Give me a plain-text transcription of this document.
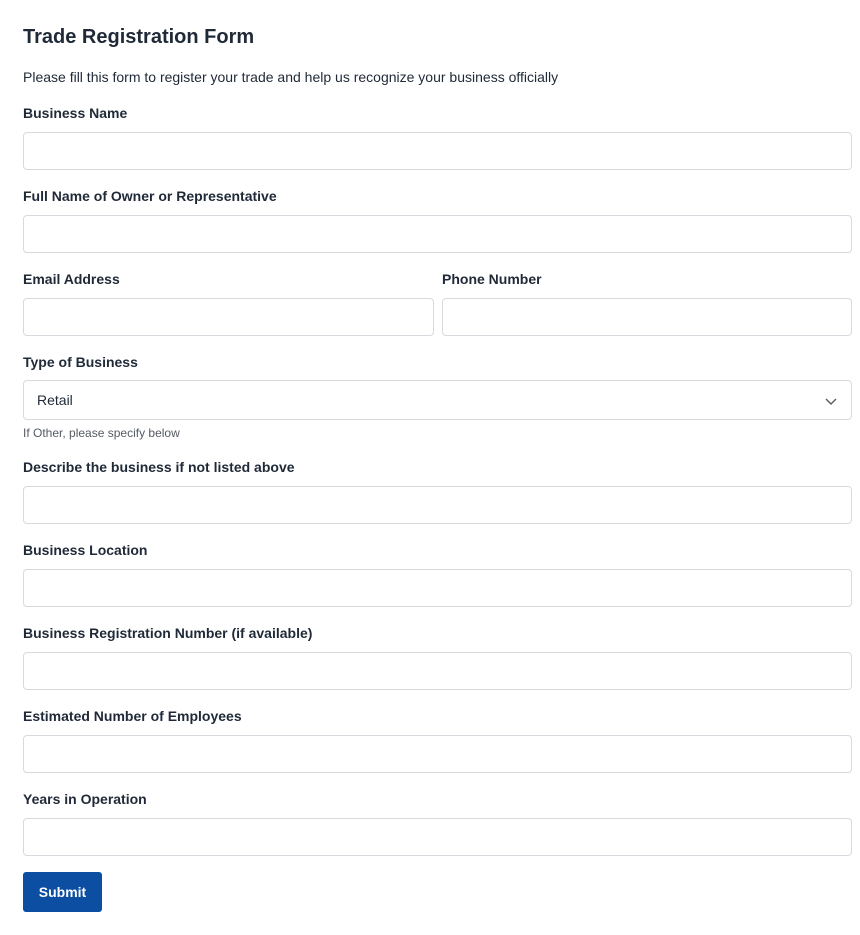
Trade Registration Form

Please fill this form to register your trade and help us recognize your business officially

Business Name
Full Name of Owner or Representative
Email Address	Phone Number
Type of Business
Retail
If Other, please specify below
Describe the business if not listed above
Business Location
Business Registration Number (if available)
Estimated Number of Employees
Years in Operation
Submit
